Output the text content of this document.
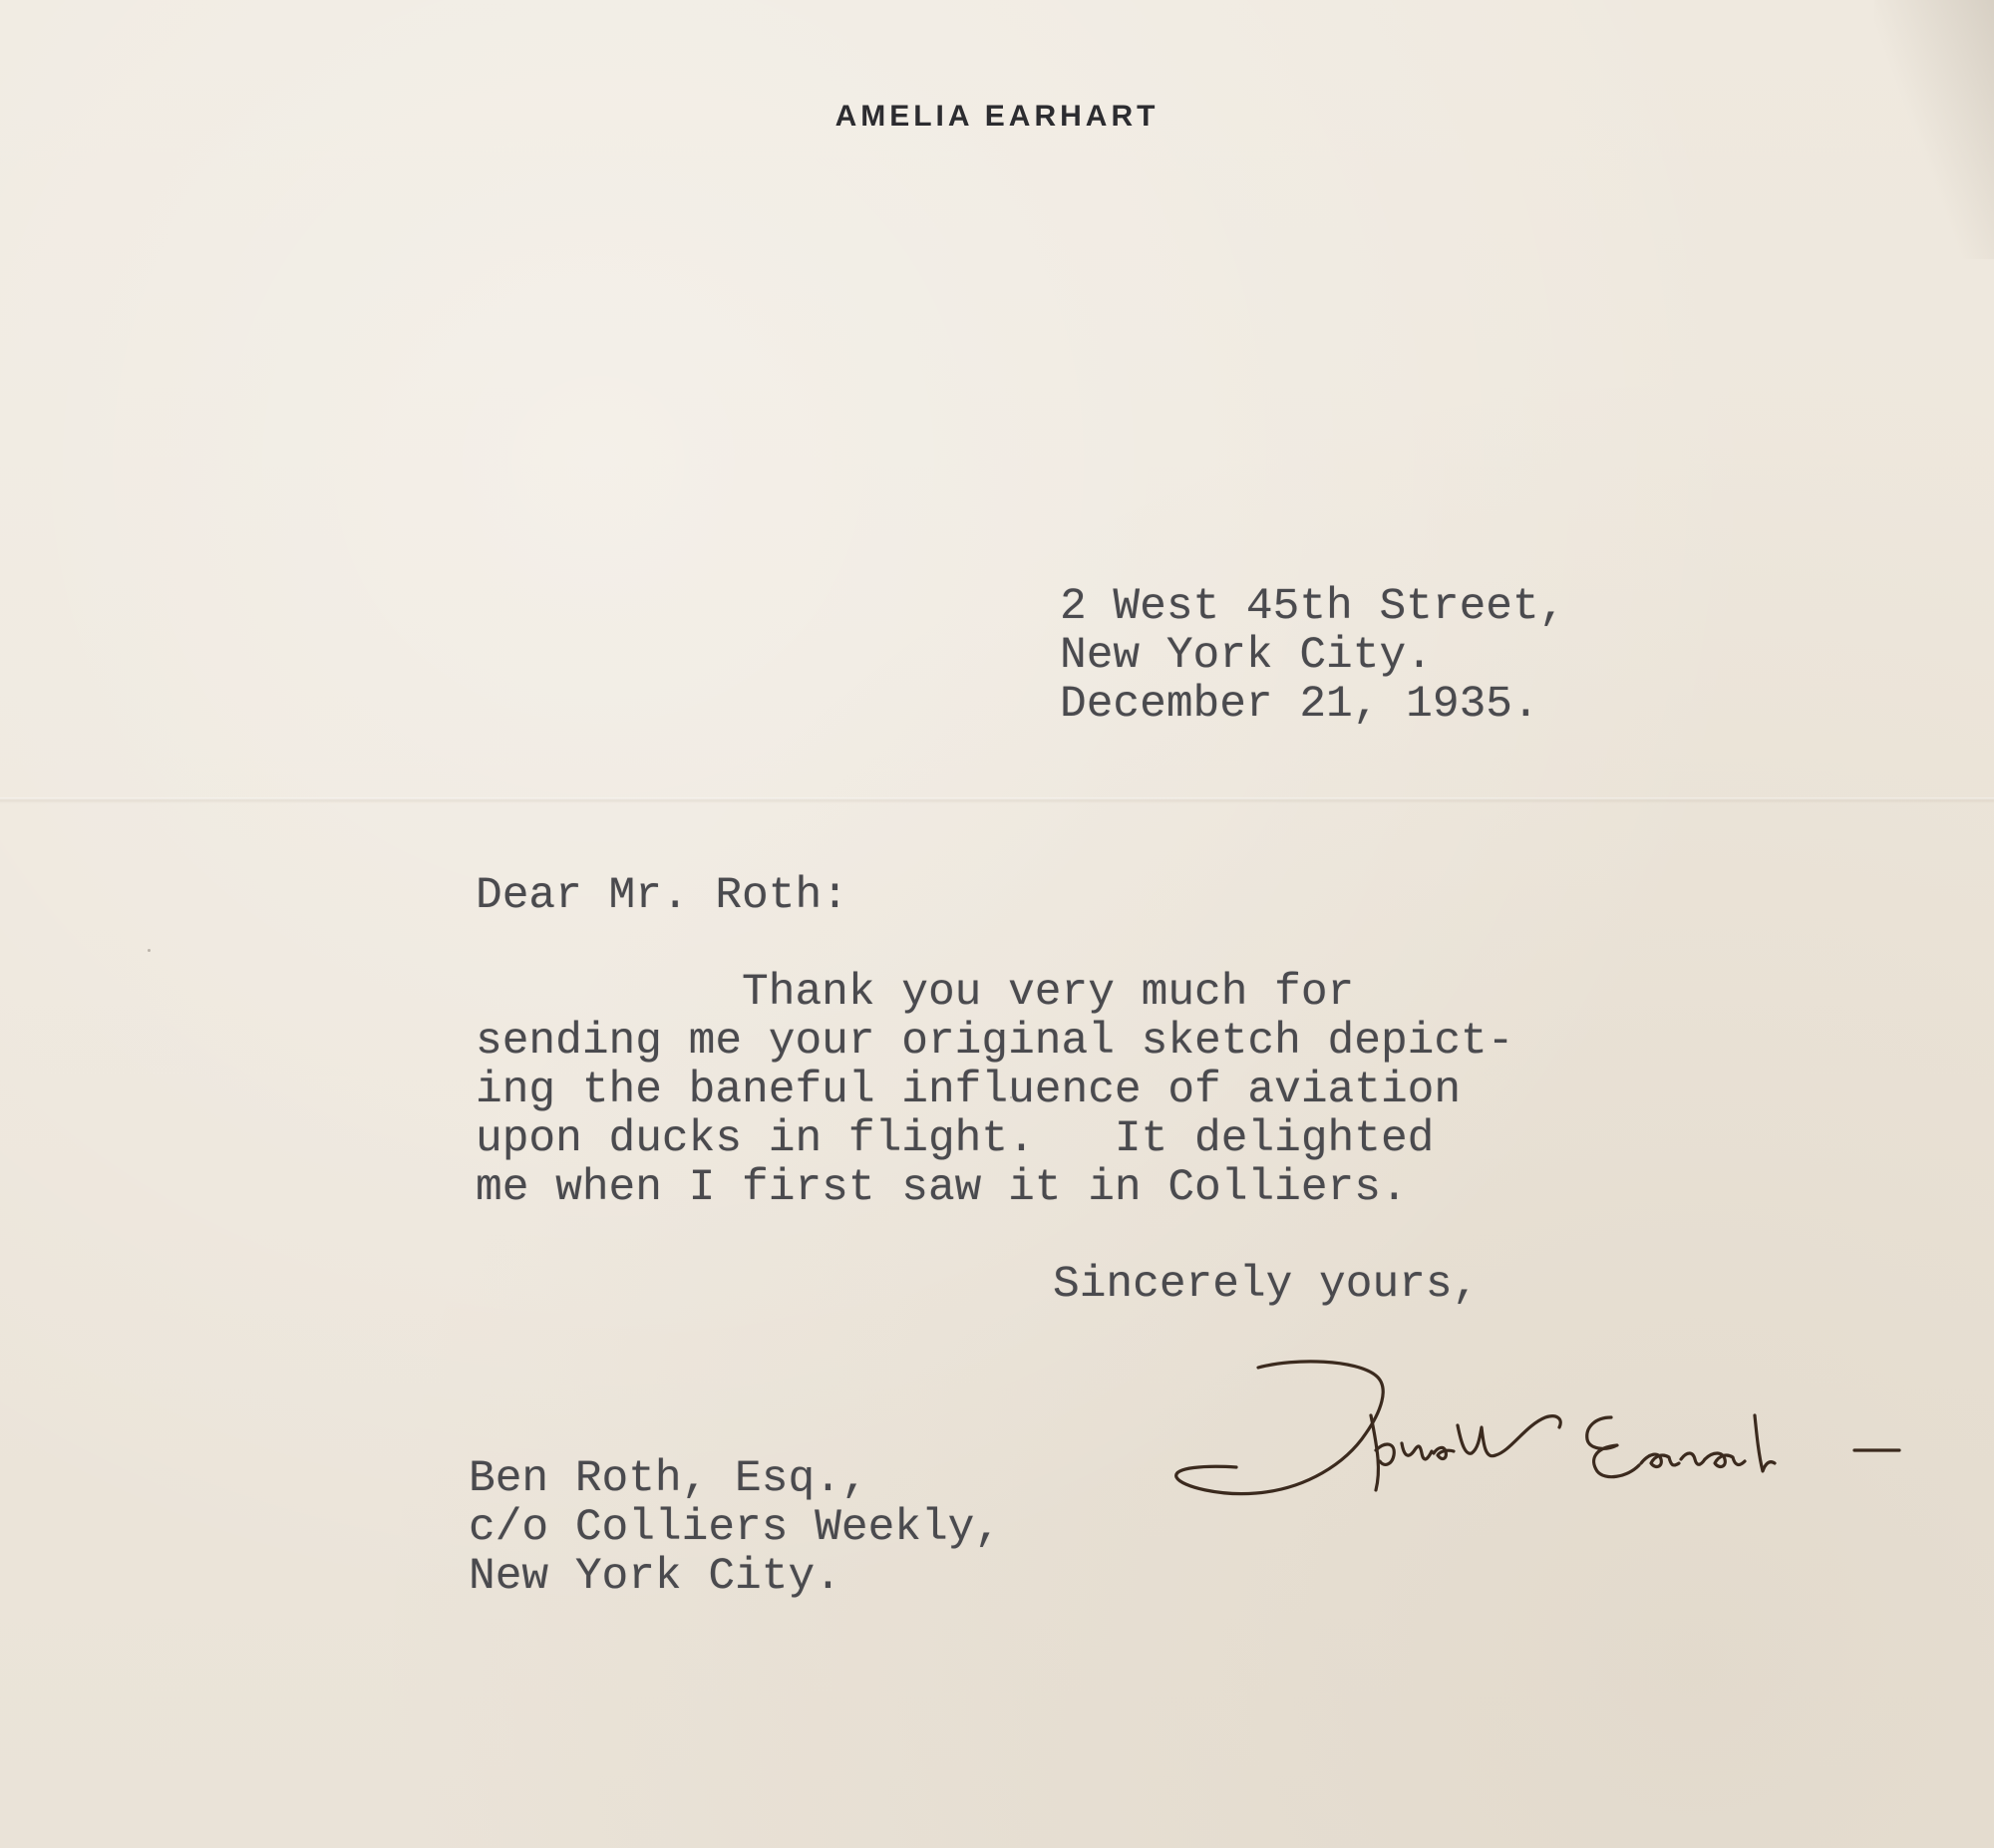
AMELIA EARHART
2 West 45th Street,
New York City.
December 21, 1935.
Dear Mr. Roth:
Thank you very much for
sending me your original sketch depict-
ing the baneful influence of aviation
upon ducks in flight.   It delighted
me when I first saw it in Colliers.
Sincerely yours,
Ben Roth, Esq.,
c/o Colliers Weekly,
New York City.
